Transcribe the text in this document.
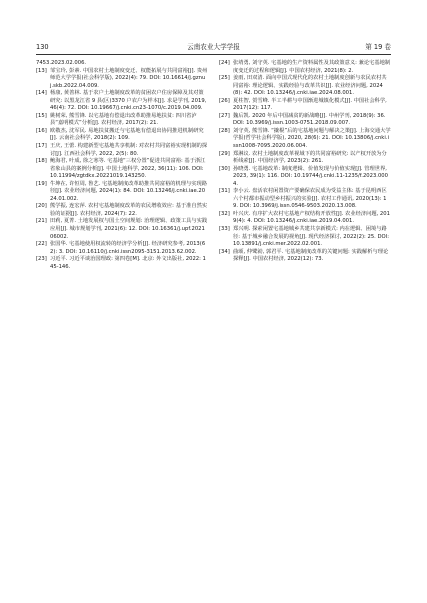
130	云南农业大学学报	第 19 卷

7453.2023.02.006.

[13] 邹宝玲, 彭素. 中国农村土地制度变迁、权能拓展与共同富裕[J]. 贵州师范大学学报(社会科学版), 2022(4): 79. DOI: 10.16614/j.gznuj.skb.2022.04.009.

[14] 杨康, 黄善林. 基于农户土地制度改革的贫困农户住房保障及其对策研究: 以黑龙江省 9 县(区)3370 户农户为样本[J]. 求是学刊, 2019, 46(4): 72. DOI: 10.19667/j.cnki.cn23-1070/c.2019.04.009.

[15] 姚树荣, 熊雪锋. 以宅基地有偿退出改革助推易地扶贫: 四川省泸县“嘉明模式”分析[J]. 农村经济, 2017(2): 21.

[16] 欧敬杰, 沈军民. 易地扶贫搬迁与宅基地有偿退出协同推进机制研究[J]. 云南社会科学, 2018(2): 109.

[17] 王庆, 王蕾. 构建新型宅基地共享机制: 对农村共同富裕实现机制的探讨[J]. 江西社会科学, 2022, 2(5): 80.

[18] 鲍海君, 叶成, 徐之寒等. 宅基地“三权分置”促进共同富裕: 基于浙江省象山县的案例分析[J]. 中国土地科学, 2022, 36(11): 106. DOI: 10.11994/zgtdkx.20221019.143250.

[19] 牛坤在, 许恒周, 鲁艺. 宅基地制度改革助推共同富裕的机理与实现路径[J]. 农业经济问题, 2024(1): 84. DOI: 10.13246/j.cnki.iae.2024.01.002.

[20] 熊学振, 连宏萍. 农村宅基地制度改革的农民增收效应: 基于准自然实验的证据[J]. 农村经济, 2024(7): 22.

[21] 田莉, 夏菁. 土地发展权与国土空间规划: 治理逻辑、政策工具与实践应用[J]. 城市规划学刊, 2021(6): 12. DOI: 10.16361/j.upf.202106002.

[22] 张国华. 宅基地使用权流转的经济学分析[J]. 经济研究参考, 2013(62): 3. DOI: 10.16110/j.cnki.issn2095-3151.2013.62.002.

[23] 习近平. 习近平谈治国理政: 第四卷[M]. 北京: 外文出版社, 2022: 145-146.

[24] 张靖勇, 刘守英. 宅基地的生产资料属性及其政策意义: 兼论宅基地制度变迁的过程和逻辑[J]. 中国农村经济, 2021(8): 2.

[25] 姜雨, 田双清. 面向中国式现代化的农村土地制度创新与农民农村共同富裕: 理论逻辑、实践经验与改革共识[J]. 农业经济问题, 2024(8): 42. DOI: 10.13246/j.cnki.iae.2024.08.001.

[26] 夏柱智, 贺雪峰. 半工半耕与中国渐进城镇化模式[J]. 中国社会科学, 2017(12): 117.

[27] 魏后凯. 2020 年后中国减贫的新战略[J]. 中州学刊, 2018(9): 36. DOI: 10.3969/j.issn.1003-0751.2018.09.007.

[28] 刘守英, 熊雪锋. “撬棍”后的宅基地问题与解决之策[J]. 上海交通大学学报(哲学社会科学版), 2020, 28(6): 21. DOI: 10.13806/j.cnki.issn1008-7095.2020.06.004.

[29] 郑淋议. 农村土地制度改革视域下的共同富裕研究: 以产权开放为分析线索[J]. 中国经济学, 2023(2): 261.

[30] 孙晓勇. 宅基地改革: 制度逻辑、价值发现与价值实现[J]. 管理世界, 2023, 39(1): 116. DOI: 10.19744/j.cnki.11-1235/f.2023.0004.

[31] 李小云. 盘活农村闲置资产要确保农民成为受益主体: 基于昆明西区六个村都市振动型乡村振兴的实验[J]. 农村工作通讯, 2020(13): 19. DOI: 10.3969/j.issn.0546-9503.2020.13.008.

[32] 叶兴庆. 有序扩大农村宅基地产权结构开放性[J]. 农业经济问题, 2019(4): 4. DOI: 10.13246/j.cnki.iae.2019.04.001.

[33] 郑兴明. 探索闲置宅基地城乡共建共享新模式: 内在逻辑、困境与路径: 基于城乡融合发展的视角[J]. 现代经济探讨, 2022(2): 25. DOI: 10.13891/j.cnki.mer.2022.02.001.

[34] 曲颂, 仲鹭勍, 郭君平. 宅基地制度改革的关键问题: 实践解析与理论探释[J]. 中国农村经济, 2022(12): 73.
